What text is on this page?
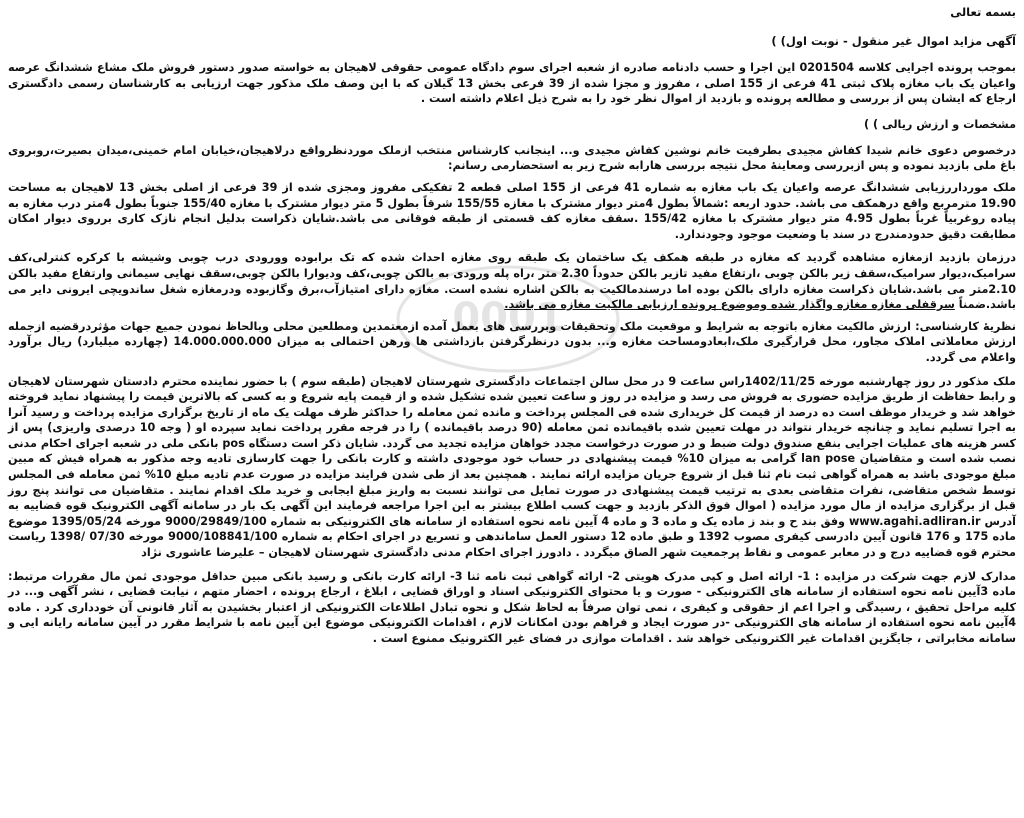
0001

بسمه تعالی

آگهی مزاید اموال غیر منقول - نوبت اول) )

بموجب پرونده اجرایی کلاسه 0201504 این اجرا و حسب دادنامه صادره از شعبه اجرای سوم دادگاه عمومی حقوقی لاهیجان به خواسته صدور دستور فروش ملک مشاع ششدانگ عرصه واعیان یک باب مغازه پلاک ثبتی 41 فرعی از 155 اصلی ، مفروز و مجزا شده از 39 فرعی بخش 13 گیلان که با این وصف ملک مذکور جهت ارزیابی به کارشناسان رسمی دادگستری ارجاع که ایشان پس از بررسی و مطالعه پرونده و بازدید از اموال نظر خود را به شرح ذیل اعلام داشته است .

مشخصات و ارزش ریالی ) )

درخصوص دعوی خانم شیدا کفاش مجیدی بطرفیت خانم نوشین کفاش مجیدی و... اینجانب کارشناس منتخب ازملک موردنظرواقع درلاهیجان،خیابان امام خمینی،میدان بصیرت،روبروی باغ ملی بازدید نموده و پس ازبررسی ومعاینهٔ محل نتیجه بررسی هارابه شرح زیر به استحضارمی رسانم:

ملک مورداررزیابی ششدانگ عرصه واعیان یک باب مغازه به شماره 41 فرعی از 155 اصلی قطعه 2 تفکیکی مفروز ومجزی شده از 39 فرعی از اصلی بخش 13 لاهیجان به مساحت 19.90 مترمربع واقع درهمکف می باشد. حدود اربعه :شمالاً بطول 4متر دیوار مشترک با مغازه 155/55 شرقاً بطول 5 متر دیوار مشترک با مغازه 155/40 جنوباً بطول 4متر درب مغازه به پیاده روغربیاً غرباً بطول 4.95 متر دیوار مشترک با مغازه 155/42 .سقف مغازه کف قسمتی از طبقه فوقانی می باشد.شایان ذکراست بدلیل انجام نازک کاری برروی دیوار امکان مطابقت دقیق حدودمندرج در سند با وضعیت موجود وجودندارد.

درزمان بازدید ازمغازه مشاهده گردید که مغازه در طبقه همکف یک ساختمان یک طبقه روی مغازه احداث شده که تک برابوده وورودی درب چوبی وشیشه با کرکره کنترلی،کف سرامیک،دیوار سرامیک،سقف زیر بالکن چوبی ،ارتفاع مفید تازیر بالکن حدوداً 2.30 متر ،راه پله ورودی به بالکن چوبی،کف ودیوارا بالکن چوبی،سقف نهایی سیمانی وارتفاع مفید بالکن 2.10متر می باشد.شایان ذکراست مغازه دارای بالکن بوده اما درسندمالکیت به بالکن اشاره نشده است. مغازه دارای امتیازآب،برق وگازبوده ودرمغازه شغل ساندویچی ایرونی دایر می باشد.ضمناً سرقفلی مغازه مغازه واگذار شده وموضوع پرونده ارزیابی مالکیت مغازه می باشد.

نظریهٔ کارشناسی: ارزش مالکیت مغازه باتوجه به شرایط و موقعیت ملک وتحقیقات وبررسی های بعمل آمده ازمعتمدین ومطلعین محلی وبالحاظ نمودن جمیع جهات مؤثردرقضیه ازجمله ارزش معاملاتی املاک مجاور، محل قرارگیری ملک،ابعادومساحت مغازه و... بدون درنظرگرفتن بازداشتی ها ورهن احتمالی به میزان 14.000.000.000 (چهارده میلیارد) ریال برآورد واعلام می گردد.

ملک مذکور در روز چهارشنبه مورخه 1402/11/25راس ساعت 9 در محل سالن اجتماعات دادگستری شهرستان لاهیجان (طبقه سوم ) با حضور نماینده محترم دادستان شهرستان لاهیجان و رابط حفاظت از طریق مزایده حضوری به فروش می رسد و مزایده در روز و ساعت تعیین شده تشکیل شده و از قیمت پایه شروع و به کسی که بالاترین قیمت را پیشنهاد نماید فروخته خواهد شد و خریدار موظف است ده درصد از قیمت کل خریداری شده فی المجلس پرداخت و مانده ثمن معامله را حداکثر ظرف مهلت یک ماه از تاریخ برگزاری مزایده پرداخت و رسید آنرا به اجرا تسلیم نماید و چنانچه خریدار نتواند در مهلت تعیین شده باقیمانده ثمن معامله (90 درصد باقیمانده ) را در فرجه مقرر پرداخت نماید سپرده او ( وجه 10 درصدی واریزی) پس از کسر هزینه های عملیات اجرایی بنفع صندوق دولت ضبط و در صورت درخواست مجدد خواهان مزایده تجدید می گردد. شایان ذکر است دستگاه pos بانکی ملی در شعبه اجرای احکام مدنی نصب شده است و متقاضیان lan pose گرامی به میزان 10% قیمت پیشنهادی در حساب خود موجودی داشته و کارت بانکی را جهت کارسازی تادیه وجه مذکور به همراه فیش که مبین مبلغ موجودی باشد به همراه گواهی ثبت نام ثنا قبل از شروع جریان مزایده ارائه نمایند . همچنین بعد از طی شدن فرایند مزایده در صورت عدم تادیه مبلغ 10% ثمن معامله فی المجلس توسط شخص متقاضی، نفرات متقاضی بعدی به ترتیب قیمت پیشنهادی در صورت تمایل می توانند نسبت به واریز مبلغ ایجابی و خرید ملک اقدام نمایند . متقاضیان می توانند پنج روز قبل از برگزاری مزایده از مال مورد مزایده ( اموال فوق الذکر بازدید و جهت کسب اطلاع بیشتر به این اجرا مراجعه فرمایند این آگهی یک بار در سامانه آگهی الکترونیک قوه قضاییه به آدرس www.agahi.adliran.ir وفق بند ح و بند ز ماده یک و ماده 3 و ماده 4 آیین نامه نحوه استفاده از سامانه های الکترونیکی به شماره 9000/29849/100 مورخه 1395/05/24 موضوع ماده 175 و 176 قانون آیین دادرسی کیفری مصوب 1392 و طبق ماده 12 دستور العمل ساماندهی و تسریع در اجرای احکام به شماره 9000/108841/100 مورخه 07/30 /1398 ریاست محترم قوه قضاییه درج و در معابر عمومی و نقاط پرجمعیت شهر الصاق میگردد . دادورز اجرای احکام مدنی دادگستری شهرستان لاهیجان – علیرضا عاشوری نژاد

مدارک لازم جهت شرکت در مزایده : 1- ارائه اصل و کپی مدرک هویتی 2- ارائه گواهی ثبت نامه ثنا 3- ارائه کارت بانکی و رسید بانکی مبین حداقل موجودی ثمن مال مقررات مرتبط: ماده 3آیین نامه نحوه استفاده از سامانه های الکترونیکی - صورت و یا محتوای الکترونیکی اسناد و اوراق قضایی ، ابلاغ ، ارجاع پرونده ، احضار متهم ، نیابت قضایی ، نشر آگهی و... در کلیه مراحل تحقیق ، رسیدگی و اجرا اعم از حقوقی و کیفری ، نمی توان صرفاً به لحاظ شکل و نحوه تبادل اطلاعات الکترونیکی از اعتبار بخشیدن به آثار قانونی آن خودداری کرد . ماده 4آیین نامه نحوه استفاده از سامانه های الکترونیکی -در صورت ایجاد و فراهم بودن امکانات لازم ، اقدامات الکترونیکی موضوع این آیین نامه با شرایط مقرر در آیین سامانه رایانه ایی و سامانه مخابراتی ، جایگزین اقدامات غیر الکترونیکی خواهد شد . اقدامات موازی در فضای غیر الکترونیک ممنوع است .
